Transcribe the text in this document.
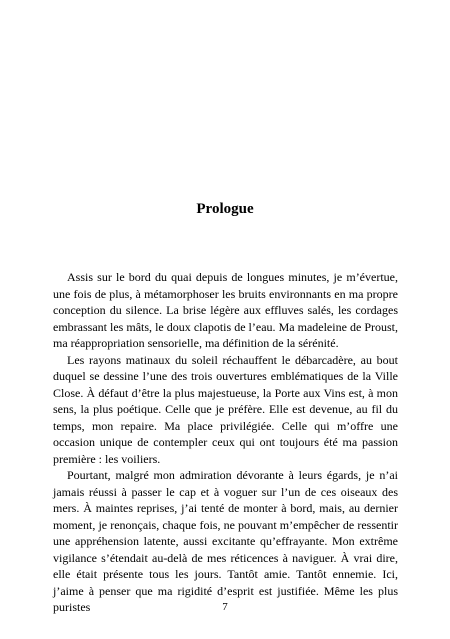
Prologue

Assis sur le bord du quai depuis de longues minutes, je m’évertue, une fois de plus, à métamorphoser les bruits environnants en ma propre conception du silence. La brise légère aux effluves salés, les cordages embrassant les mâts, le doux clapotis de l’eau. Ma madeleine de Proust, ma réappropriation sensorielle, ma définition de la sérénité.

Les rayons matinaux du soleil réchauffent le débarcadère, au bout duquel se dessine l’une des trois ouvertures emblématiques de la Ville Close. À défaut d’être la plus majestueuse, la Porte aux Vins est, à mon sens, la plus poétique. Celle que je préfère. Elle est devenue, au fil du temps, mon repaire. Ma place privilégiée. Celle qui m’offre une occasion unique de contempler ceux qui ont toujours été ma passion première : les voiliers.

Pourtant, malgré mon admiration dévorante à leurs égards, je n’ai jamais réussi à passer le cap et à voguer sur l’un de ces oiseaux des mers. À maintes reprises, j’ai tenté de monter à bord, mais, au dernier moment, je renonçais, chaque fois, ne pouvant m’empêcher de ressentir une appréhension latente, aussi excitante qu’effrayante. Mon extrême vigilance s’étendait au-delà de mes réticences à naviguer. À vrai dire, elle était présente tous les jours. Tantôt amie. Tantôt ennemie. Ici, j’aime à penser que ma rigidité d’esprit est justifiée. Même les plus puristes	7
